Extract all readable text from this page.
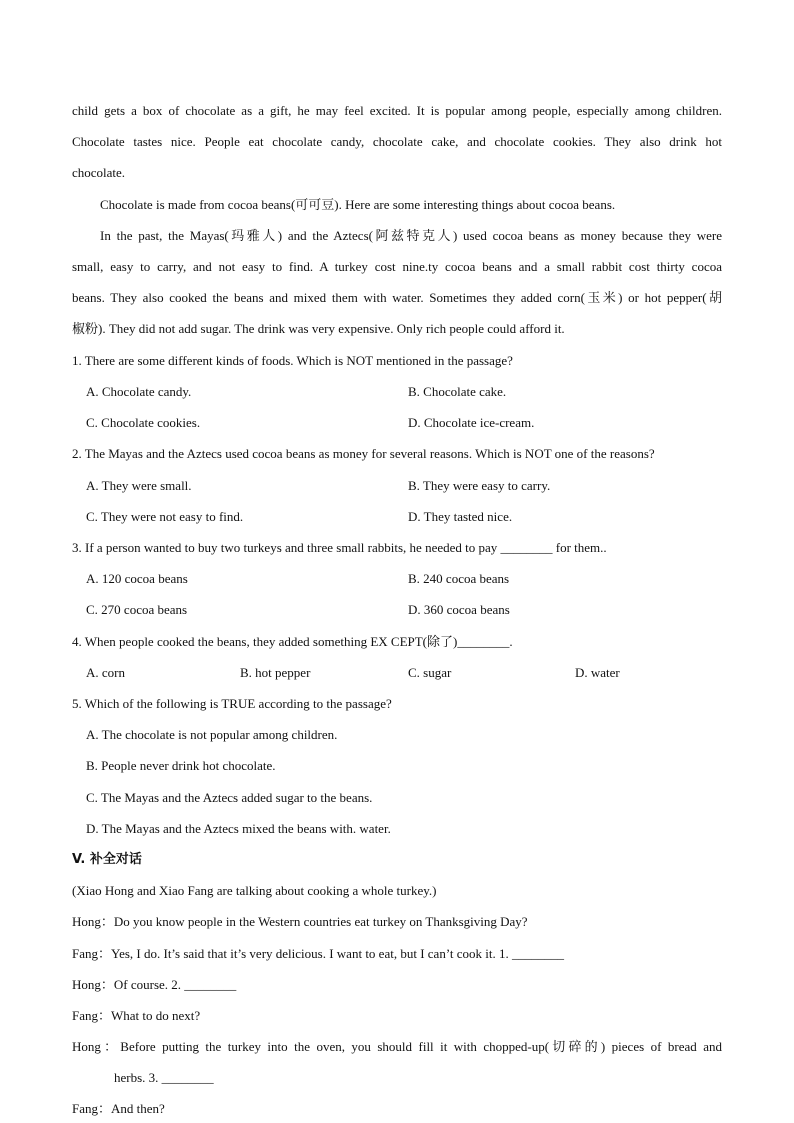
child gets a box of chocolate as a gift, he may feel excited. It is popular among people, especially among children.
Chocolate tastes nice. People eat chocolate candy, chocolate cake, and chocolate cookies. They also drink hot
chocolate.
Chocolate is made from cocoa beans(可可豆). Here are some interesting things about cocoa beans.
In the past, the Mayas(玛雅人) and the Aztecs(阿兹特克人) used cocoa beans as money because they were
small, easy to carry, and not easy to find. A turkey cost nine.ty cocoa beans and a small rabbit cost thirty cocoa
beans. They also cooked the beans and mixed them with water. Sometimes they added corn(玉米) or hot pepper(胡
椒粉). They did not add sugar. The drink was very expensive. Only rich people could afford it.
1. There are some different kinds of foods. Which is NOT mentioned in the passage?
A. Chocolate candy.	B. Chocolate cake.
C. Chocolate cookies.	D. Chocolate ice-cream.
2. The Mayas and the Aztecs used cocoa beans as money for several reasons. Which is NOT one of the reasons?
A. They were small.	B. They were easy to carry.
C. They were not easy to find.	D. They tasted nice.
3. If a person wanted to buy two turkeys and three small rabbits, he needed to pay ________ for them..
A. 120 cocoa beans	B. 240 cocoa beans
C. 270 cocoa beans	D. 360 cocoa beans
4. When people cooked the beans, they added something EX CEPT(除了)________.
A. corn	B. hot pepper	C. sugar	D. water
5. Which of the following is TRUE according to the passage?
A. The chocolate is not popular among children.
B. People never drink hot chocolate.
C. The Mayas and the Aztecs added sugar to the beans.
D. The Mayas and the Aztecs mixed the beans with. water.
V. 补全对话
(Xiao Hong and Xiao Fang are talking about cooking a whole turkey.)
Hong：Do you know people in the Western countries eat turkey on Thanksgiving Day?
Fang：Yes, I do. It’s said that it’s very delicious. I want to eat, but I can’t cook it. 1. ________
Hong：Of course. 2. ________
Fang：What to do next?
Hong：Before putting the turkey into the oven, you should fill it with chopped-up(切碎的) pieces of bread and
herbs. 3. ________
Fang：And then?
